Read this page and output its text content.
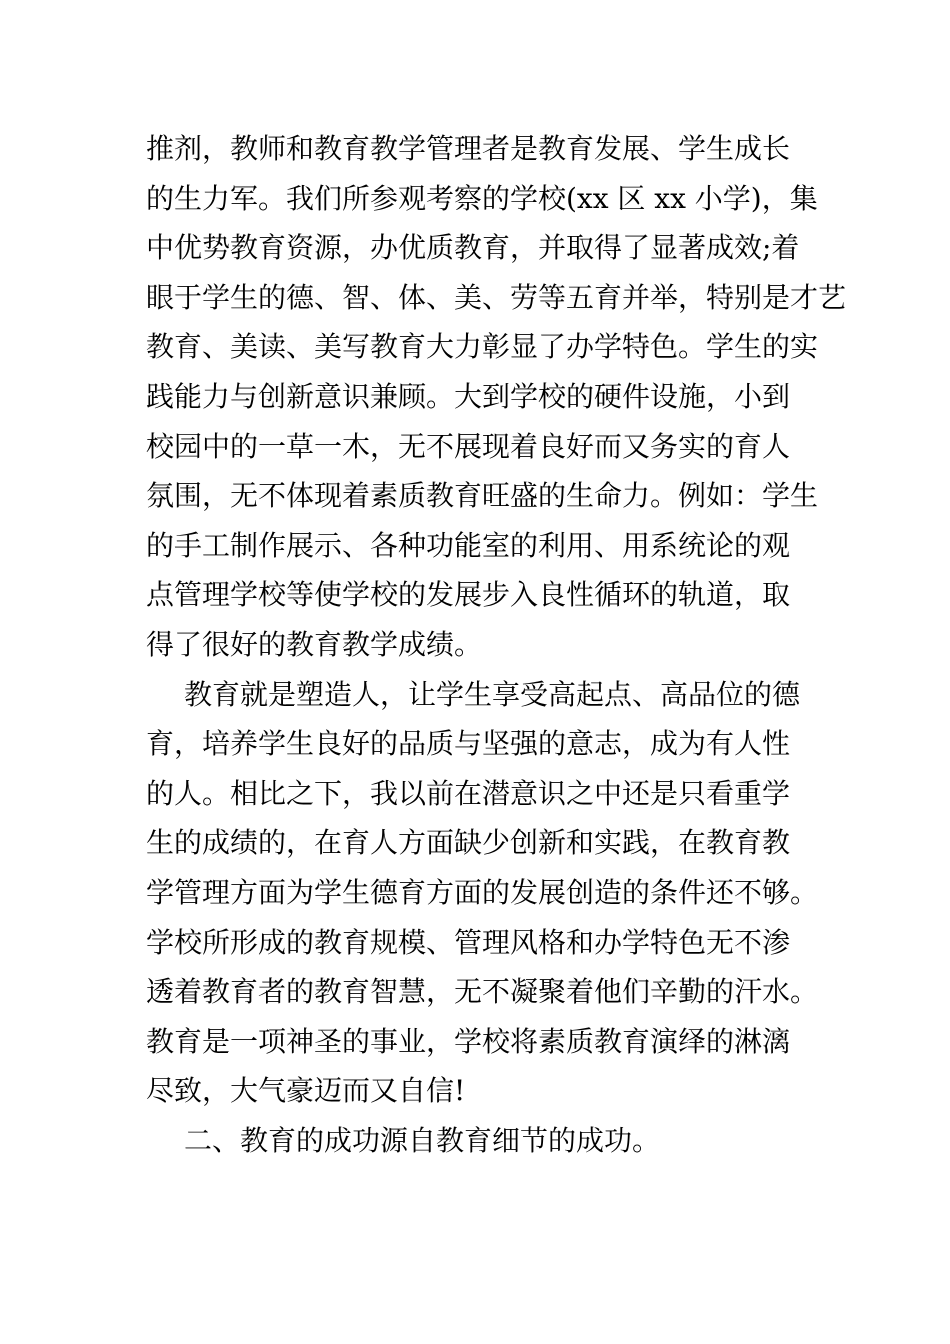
推剂，教师和教育教学管理者是教育发展、学生成长
的生力军。我们所参观考察的学校(xx 区 xx 小学)，集
中优势教育资源，办优质教育，并取得了显著成效;着
眼于学生的德、智、体、美、劳等五育并举，特别是才艺
教育、美读、美写教育大力彰显了办学特色。学生的实
践能力与创新意识兼顾。大到学校的硬件设施，小到
校园中的一草一木，无不展现着良好而又务实的育人
氛围，无不体现着素质教育旺盛的生命力。例如：学生
的手工制作展示、各种功能室的利用、用系统论的观
点管理学校等使学校的发展步入良性循环的轨道，取
得了很好的教育教学成绩。
教育就是塑造人，让学生享受高起点、高品位的德
育，培养学生良好的品质与坚强的意志，成为有人性
的人。相比之下，我以前在潜意识之中还是只看重学
生的成绩的，在育人方面缺少创新和实践，在教育教
学管理方面为学生德育方面的发展创造的条件还不够。
学校所形成的教育规模、管理风格和办学特色无不渗
透着教育者的教育智慧，无不凝聚着他们辛勤的汗水。
教育是一项神圣的事业，学校将素质教育演绎的淋漓
尽致，大气豪迈而又自信!
二、教育的成功源自教育细节的成功。
